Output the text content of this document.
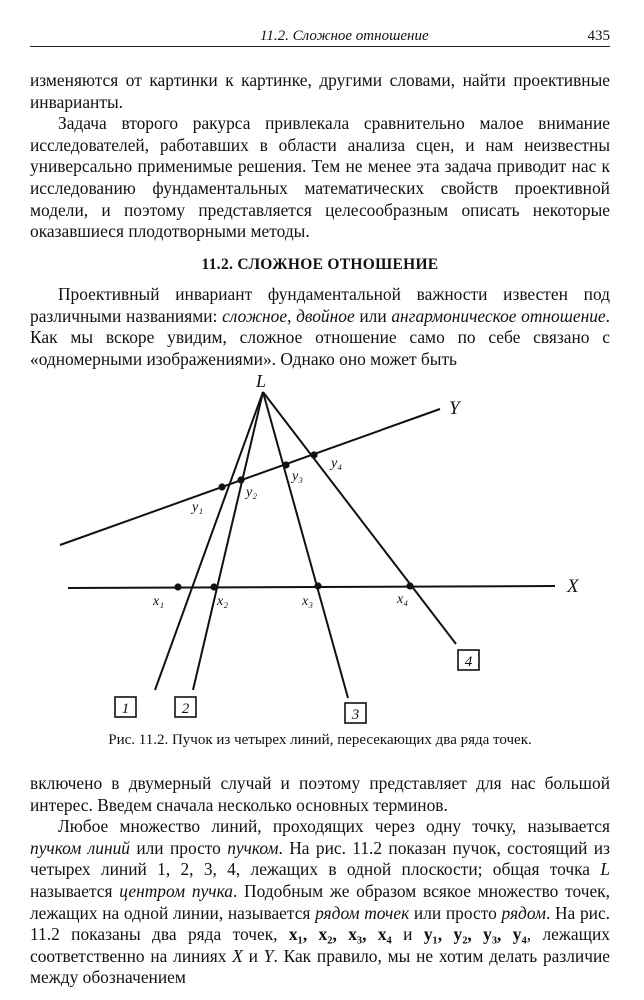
11.2. Сложное отношение	435

изменяются от картинки к картинке, другими словами, найти проективные инварианты.

Задача второго ракурса привлекала сравнительно малое внимание исследователей, работавших в области анализа сцен, и нам неизвестны универсально применимые решения. Тем не менее эта задача приводит нас к исследованию фундаментальных математических свойств проективной модели, и поэтому представляется целесообразным описать некоторые оказавшиеся плодотворными методы.

11.2. СЛОЖНОЕ ОТНОШЕНИЕ

Проективный инвариант фундаментальной важности известен под различными названиями: сложное, двойное или ангармоническое отношение. Как мы вскоре увидим, сложное отношение само по себе связано с «одномерными изображениями». Однако оно может быть

L
Y
X
y₁
y₂
y₃
y₄
x₁	x₂	x₃	x₄
1	2	3
4
Рис. 11.2. Пучок из четырех линий, пересекающих два ряда точек.

включено в двумерный случай и поэтому представляет для нас большой интерес. Введем сначала несколько основных терминов.

Любое множество линий, проходящих через одну точку, называется пучком линий или просто пучком. На рис. 11.2 показан пучок, состоящий из четырех линий 1, 2, 3, 4, лежащих в одной плоскости; общая точка L называется центром пучка. Подобным же образом всякое множество точек, лежащих на одной линии, называется рядом точек или просто рядом. На рис. 11.2 показаны два ряда точек, x₁, x₂, x₃, x₄ и y₁, y₂, y₃, y₄, лежащих соответственно на линиях X и Y. Как правило, мы не хотим делать различие между обозначением
